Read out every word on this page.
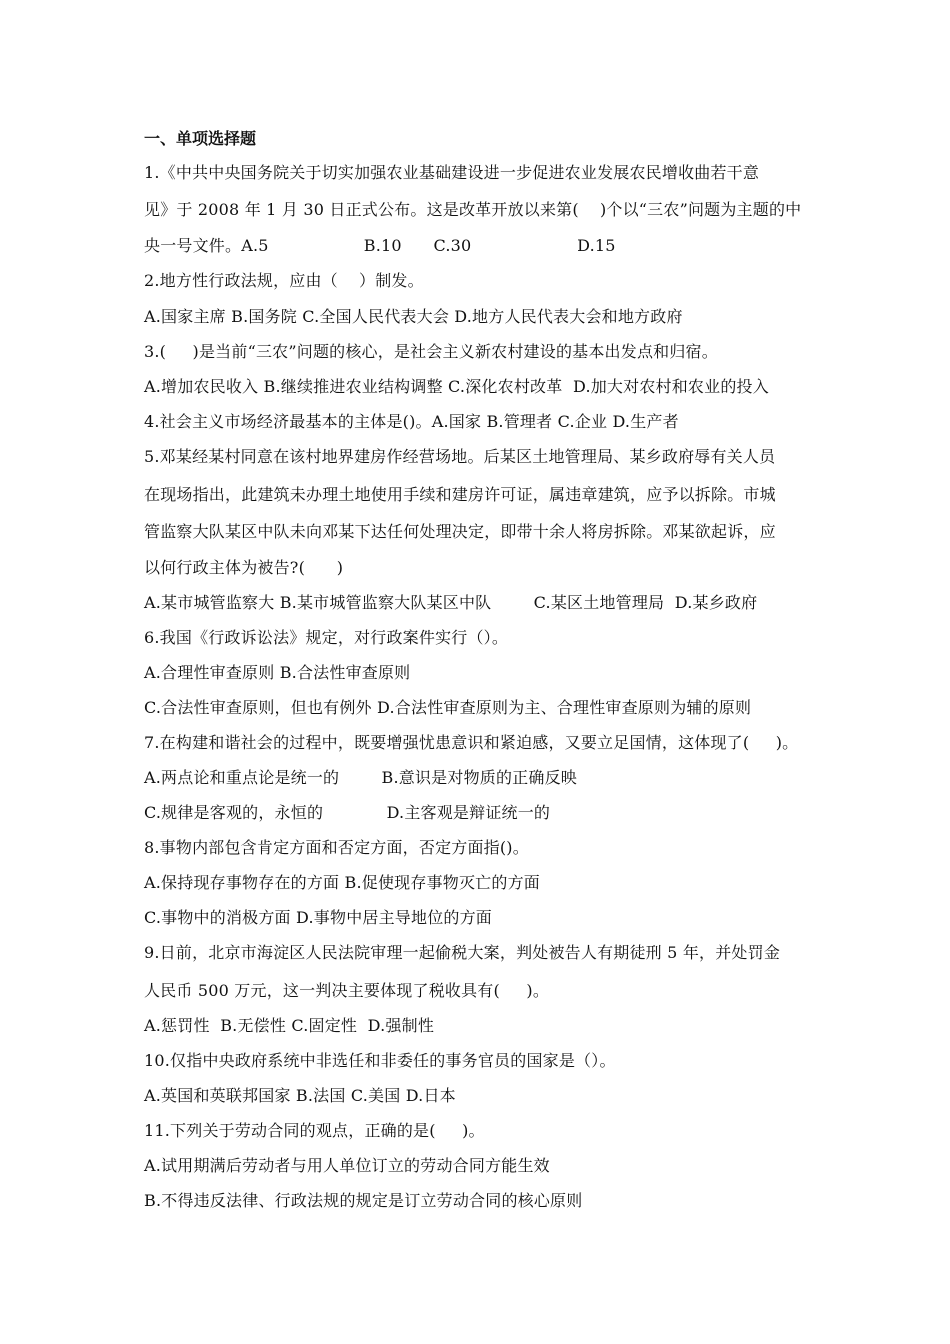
一、单项选择题
1.《中共中央国务院关于切实加强农业基础建设进一步促进农业发展农民增收曲若干意
见》于 2008 年 1 月 30 日正式公布。这是改革开放以来第(    )个以“三农”问题为主题的中
央一号文件。A.5                  B.10      C.30                    D.15
2.地方性行政法规，应由（    ）制发。
A.国家主席 B.国务院 C.全国人民代表大会 D.地方人民代表大会和地方政府
3.(     )是当前“三农”问题的核心，是社会主义新农村建设的基本出发点和归宿。
A.增加农民收入 B.继续推进农业结构调整 C.深化农村改革  D.加大对农村和农业的投入
4.社会主义市场经济最基本的主体是()。A.国家 B.管理者 C.企业 D.生产者
5.邓某经某村同意在该村地界建房作经营场地。后某区土地管理局、某乡政府辱有关人员
在现场指出，此建筑未办理土地使用手续和建房许可证，属违章建筑，应予以拆除。市城
管监察大队某区中队未向邓某下达任何处理决定，即带十余人将房拆除。邓某欲起诉，应
以何行政主体为被告?(      )
A.某市城管监察大 B.某市城管监察大队某区中队        C.某区土地管理局  D.某乡政府
6.我国《行政诉讼法》规定，对行政案件实行（）。
A.合理性审查原则 B.合法性审查原则
C.合法性审查原则，但也有例外 D.合法性审查原则为主、合理性审查原则为辅的原则
7.在构建和谐社会的过程中，既要增强忧患意识和紧迫感，又要立足国情，这体现了(     )。
A.两点论和重点论是统一的        B.意识是对物质的正确反映
C.规律是客观的，永恒的            D.主客观是辩证统一的
8.事物内部包含肯定方面和否定方面，否定方面指()。
A.保持现存事物存在的方面 B.促使现存事物灭亡的方面
C.事物中的消极方面 D.事物中居主导地位的方面
9.日前，北京市海淀区人民法院审理一起偷税大案，判处被告人有期徒刑 5 年，并处罚金
人民币 500 万元，这一判决主要体现了税收具有(     )。
A.惩罚性  B.无偿性 C.固定性  D.强制性
10.仅指中央政府系统中非选任和非委任的事务官员的国家是（）。
A.英国和英联邦国家 B.法国 C.美国 D.日本
11.下列关于劳动合同的观点，正确的是(     )。
A.试用期满后劳动者与用人单位订立的劳动合同方能生效
B.不得违反法律、行政法规的规定是订立劳动合同的核心原则
